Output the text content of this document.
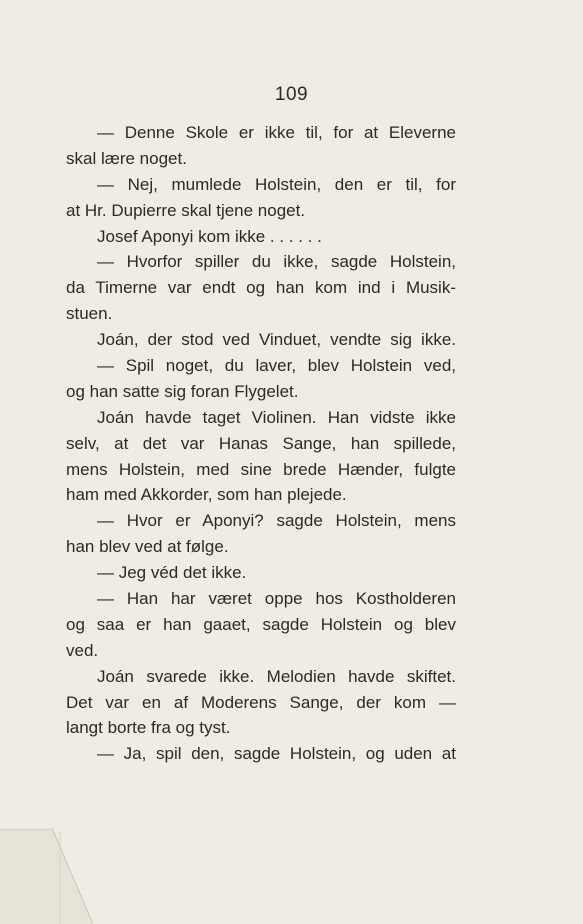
109
— Denne Skole er ikke til, for at Eleverne
skal lære noget.
— Nej, mumlede Holstein, den er til, for
at Hr. Dupierre skal tjene noget.
Josef Aponyi kom ikke . . . . . .
— Hvorfor spiller du ikke, sagde Holstein,
da Timerne var endt og han kom ind i Musik-
stuen.
Joán, der stod ved Vinduet, vendte sig ikke.
— Spil noget, du laver, blev Holstein ved,
og han satte sig foran Flygelet.
Joán havde taget Violinen. Han vidste ikke
selv, at det var Hanas Sange, han spillede,
mens Holstein, med sine brede Hænder, fulgte
ham med Akkorder, som han plejede.
— Hvor er Aponyi? sagde Holstein, mens
han blev ved at følge.
— Jeg véd det ikke.
— Han har været oppe hos Kostholderen
og saa er han gaaet, sagde Holstein og blev
ved.
Joán svarede ikke. Melodien havde skiftet.
Det var en af Moderens Sange, der kom —
langt borte fra og tyst.
— Ja, spil den, sagde Holstein, og uden at
